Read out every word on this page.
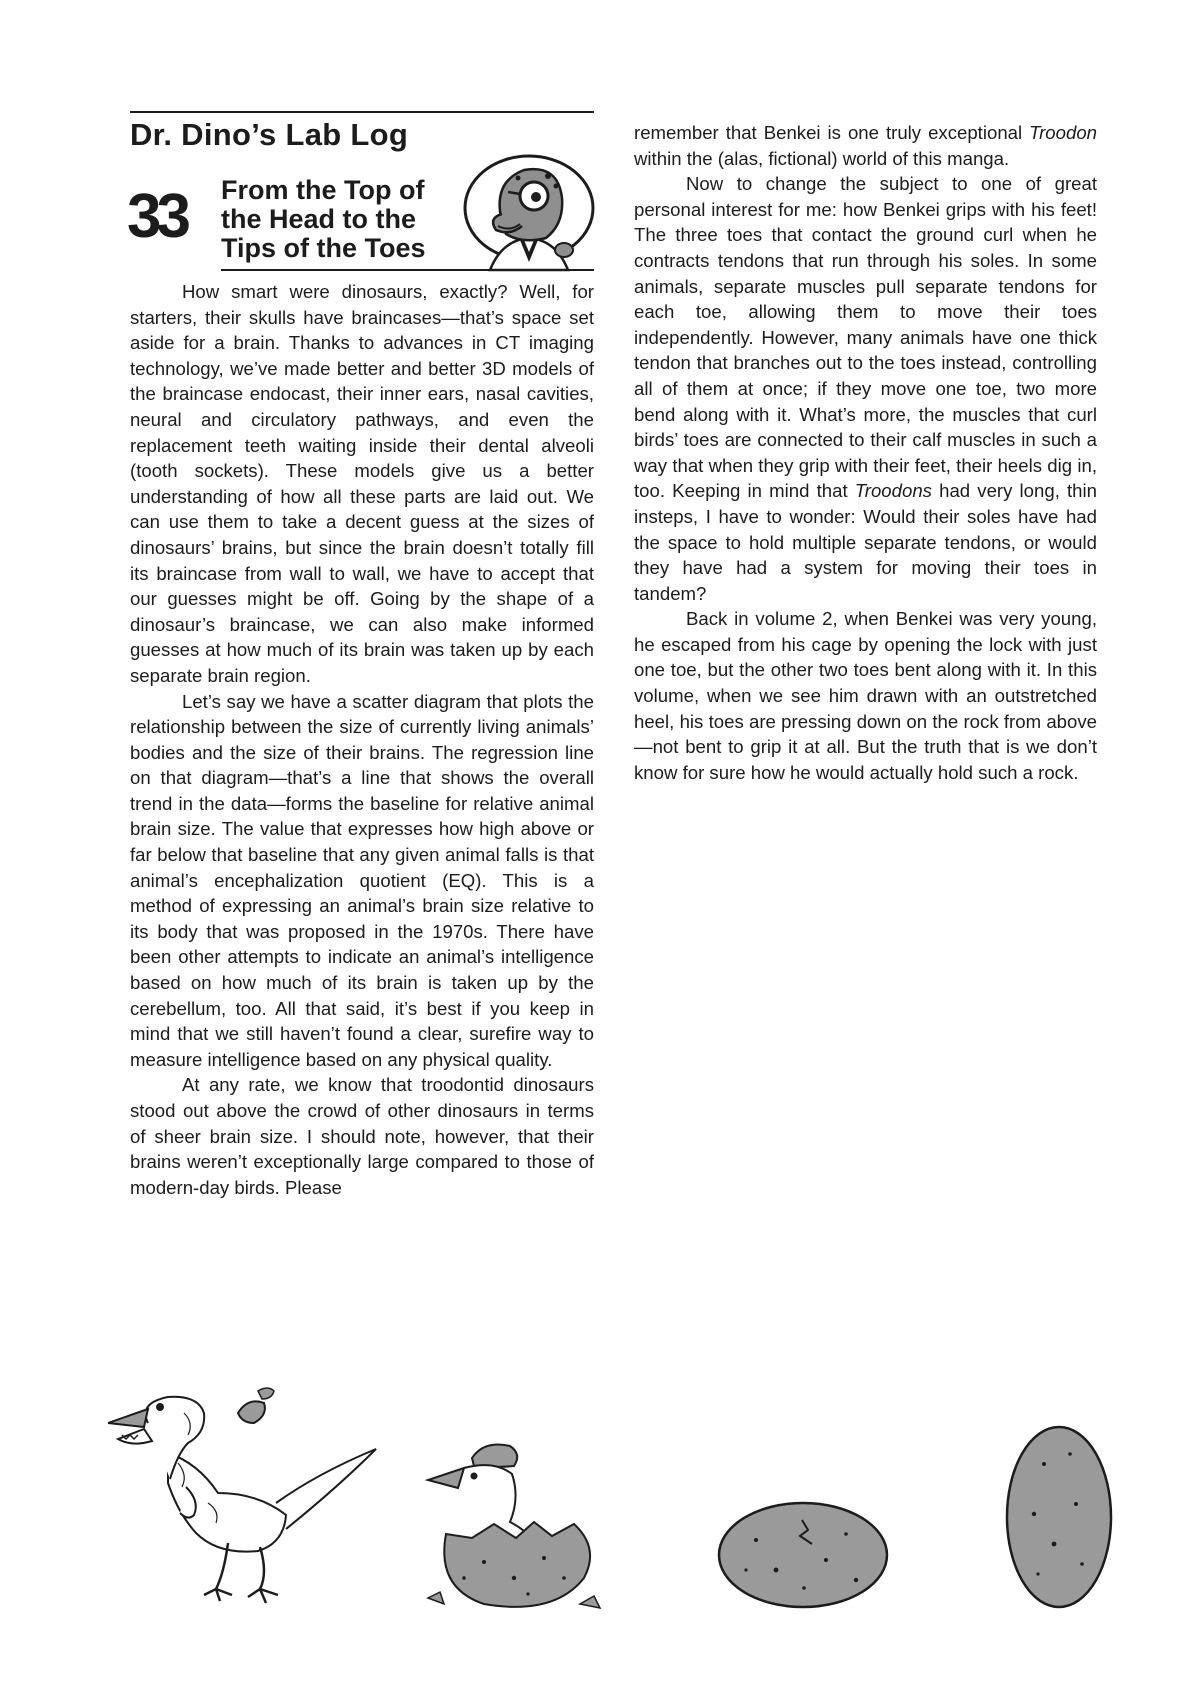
Dr. Dino’s Lab Log
33 From the Top of
the Head to the
Tips of the Toes

How smart were dinosaurs, exactly? Well, for starters, their skulls have braincases—that’s space set aside for a brain. Thanks to advances in CT imaging technology, we’ve made better and better 3D models of the braincase endocast, their inner ears, nasal cavities, neural and circulatory pathways, and even the replacement teeth waiting inside their dental alveoli (tooth sockets). These models give us a better understanding of how all these parts are laid out. We can use them to take a decent guess at the sizes of dinosaurs’ brains, but since the brain doesn’t totally fill its braincase from wall to wall, we have to accept that our guesses might be off. Going by the shape of a dinosaur’s braincase, we can also make informed guesses at how much of its brain was taken up by each separate brain region.

Let’s say we have a scatter diagram that plots the relationship between the size of currently living animals’ bodies and the size of their brains. The regression line on that diagram—that’s a line that shows the overall trend in the data—forms the baseline for relative animal brain size. The value that expresses how high above or far below that baseline that any given animal falls is that animal’s encephalization quotient (EQ). This is a method of expressing an animal’s brain size relative to its body that was proposed in the 1970s. There have been other attempts to indicate an animal’s intelligence based on how much of its brain is taken up by the cerebellum, too. All that said, it’s best if you keep in mind that we still haven’t found a clear, surefire way to measure intelligence based on any physical quality.

At any rate, we know that troodontid dinosaurs stood out above the crowd of other dinosaurs in terms of sheer brain size. I should note, however, that their brains weren’t exceptionally large compared to those of modern-day birds. Please

remember that Benkei is one truly exceptional Troodon within the (alas, fictional) world of this manga.

Now to change the subject to one of great personal interest for me: how Benkei grips with his feet! The three toes that contact the ground curl when he contracts tendons that run through his soles. In some animals, separate muscles pull separate tendons for each toe, allowing them to move their toes independently. However, many animals have one thick tendon that branches out to the toes instead, controlling all of them at once; if they move one toe, two more bend along with it. What’s more, the muscles that curl birds’ toes are connected to their calf muscles in such a way that when they grip with their feet, their heels dig in, too. Keeping in mind that Troodons had very long, thin insteps, I have to wonder: Would their soles have had the space to hold multiple separate tendons, or would they have had a system for moving their toes in tandem?

Back in volume 2, when Benkei was very young, he escaped from his cage by opening the lock with just one toe, but the other two toes bent along with it. In this volume, when we see him drawn with an outstretched heel, his toes are pressing down on the rock from above—not bent to grip it at all. But the truth that is we don’t know for sure how he would actually hold such a rock.
